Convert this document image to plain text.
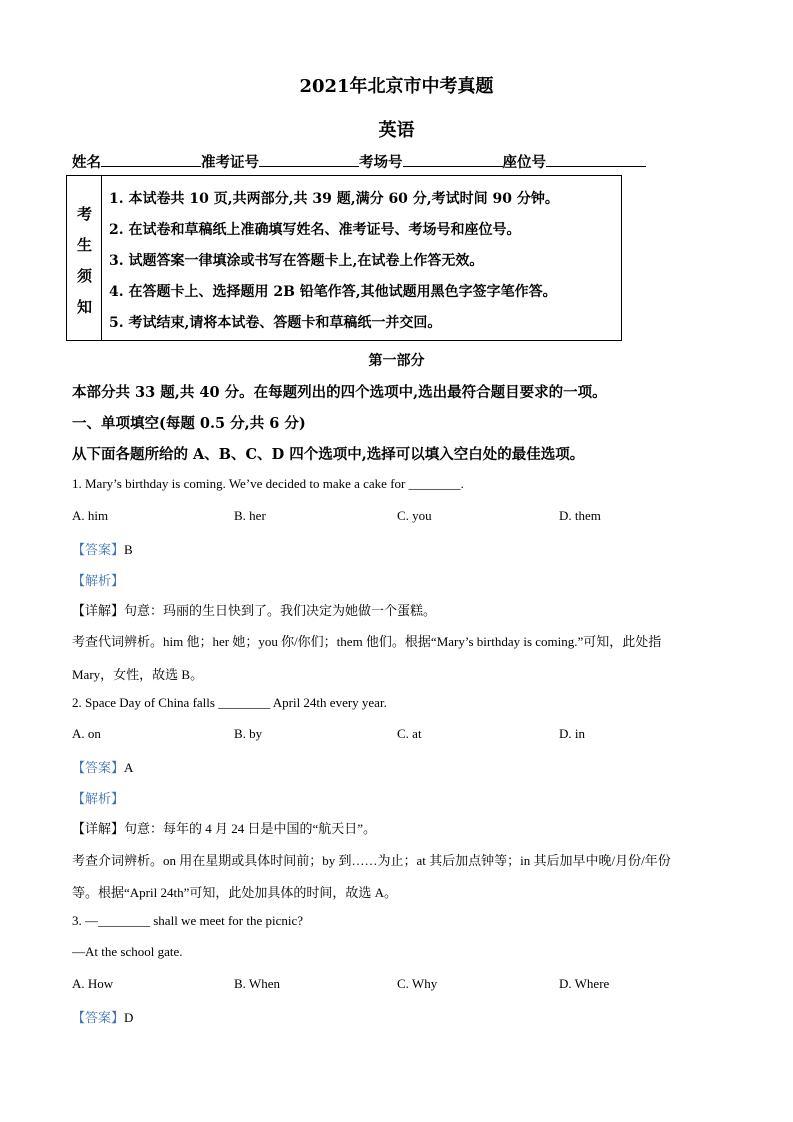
2021年北京市中考真题
英语
姓名	准考证号	考场号	座位号
考
生
须
知
1. 本试卷共 10 页,共两部分,共 39 题,满分 60 分,考试时间 90 分钟。
2. 在试卷和草稿纸上准确填写姓名、准考证号、考场号和座位号。
3. 试题答案一律填涂或书写在答题卡上,在试卷上作答无效。
4. 在答题卡上、选择题用 2B 铅笔作答,其他试题用黑色字签字笔作答。
5. 考试结束,请将本试卷、答题卡和草稿纸一并交回。
第一部分
本部分共 33 题,共 40 分。在每题列出的四个选项中,选出最符合题目要求的一项。
一、单项填空(每题 0.5 分,共 6 分)
从下面各题所给的 A、B、C、D 四个选项中,选择可以填入空白处的最佳选项。
1. Mary’s birthday is coming. We’ve decided to make a cake for ________.
A. him	B. her	C. you	D. them
【答案】B
【解析】
【详解】句意：玛丽的生日快到了。我们决定为她做一个蛋糕。
考查代词辨析。him 他；her 她；you 你/你们；them 他们。根据“Mary’s birthday is coming.”可知，此处指
Mary，女性，故选 B。
2. Space Day of China falls ________ April 24th every year.
A. on	B. by	C. at	D. in
【答案】A
【解析】
【详解】句意：每年的 4 月 24 日是中国的“航天日”。
考查介词辨析。on 用在星期或具体时间前；by 到……为止；at 其后加点钟等；in 其后加早中晚/月份/年份
等。根据“April 24th”可知，此处加具体的时间，故选 A。
3. —________ shall we meet for the picnic?
—At the school gate.
A. How	B. When	C. Why	D. Where
【答案】D
